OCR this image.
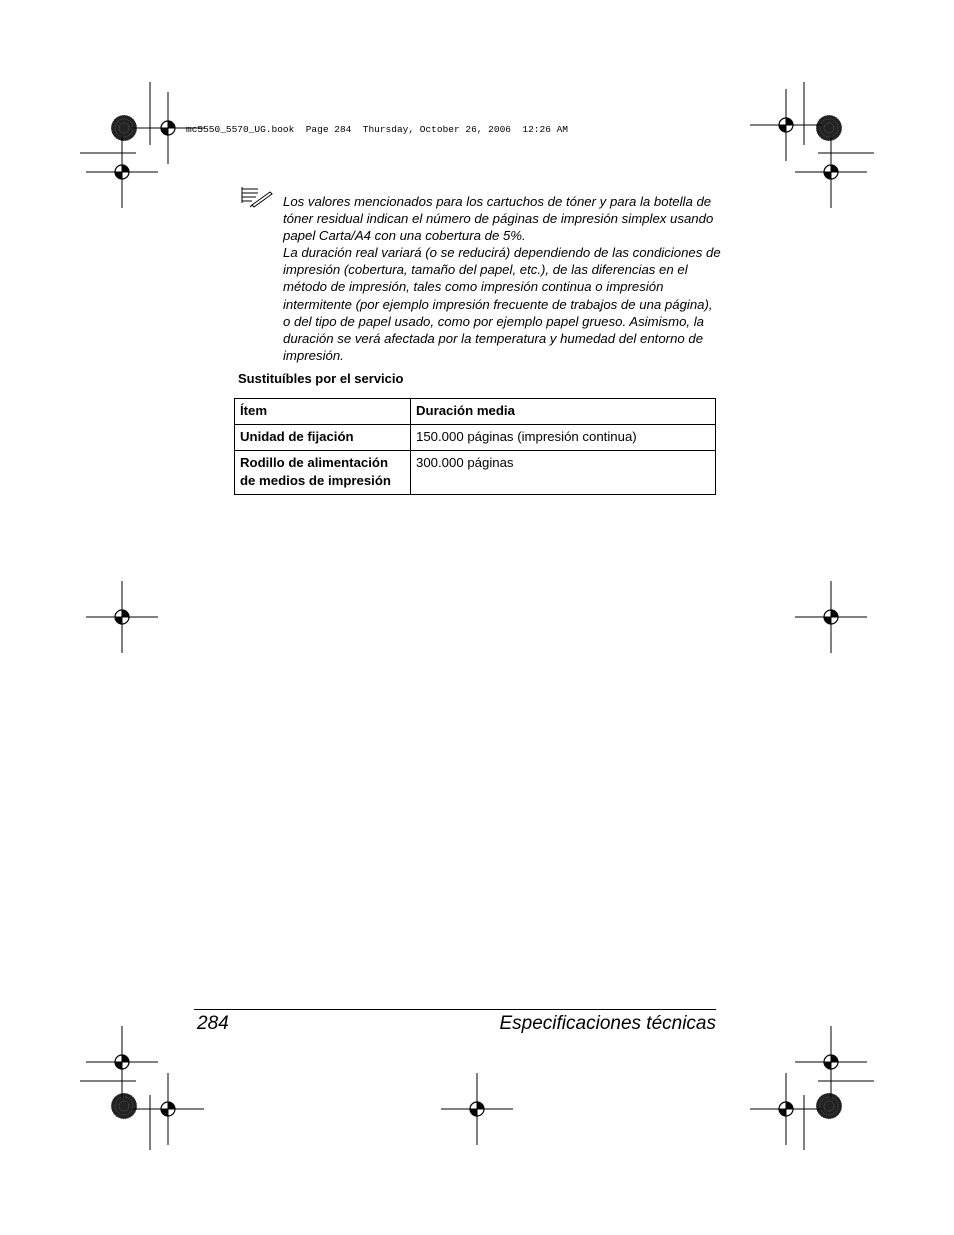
mc5550_5570_UG.book Page 284 Thursday, October 26, 2006 12:26 AM

Los valores mencionados para los cartuchos de tóner y para la botella de tóner residual indican el número de páginas de impresión simplex usando papel Carta/A4 con una cobertura de 5%.

La duración real variará (o se reducirá) dependiendo de las condiciones de impresión (cobertura, tamaño del papel, etc.), de las diferencias en el método de impresión, tales como impresión continua o impresión intermitente (por ejemplo impresión frecuente de trabajos de una página), o del tipo de papel usado, como por ejemplo papel grueso. Asimismo, la duración se verá afectada por la temperatura y humedad del entorno de impresión.

Sustituíbles por el servicio
Ítem	Duración media
Unidad de fijación	150.000 páginas (impresión continua)
Rodillo de alimentación de medios de impresión	300.000 páginas
284	Especificaciones técnicas
